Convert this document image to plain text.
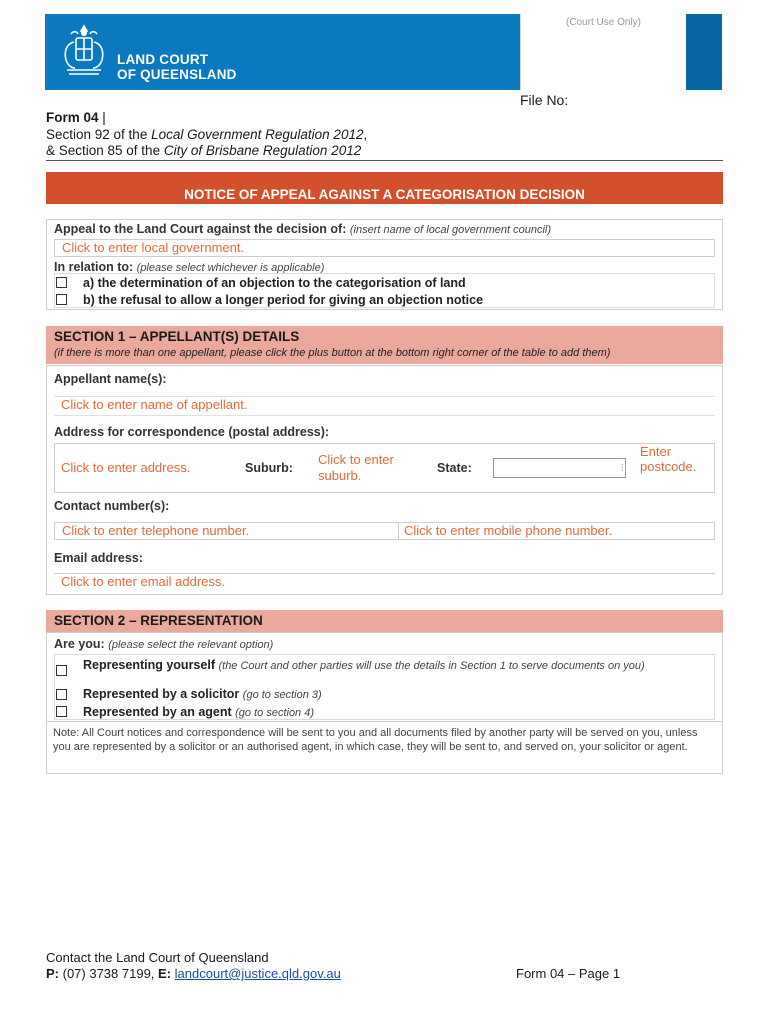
LAND COURT
OF QUEENSLAND
(Court Use Only)
File No:
Form 04 |
Section 92 of the Local Government Regulation 2012,
& Section 85 of the City of Brisbane Regulation 2012
NOTICE OF APPEAL AGAINST A CATEGORISATION DECISION
Appeal to the Land Court against the decision of: (insert name of local government council)
Click to enter local government.
In relation to: (please select whichever is applicable)
a) the determination of an objection to the categorisation of land
b) the refusal to allow a longer period for giving an objection notice
SECTION 1 – APPELLANT(S) DETAILS
(if there is more than one appellant, please click the plus button at the bottom right corner of the table to add them)
Appellant name(s):
Click to enter name of appellant.
Address for correspondence (postal address):
Click to enter address.	Suburb:
Click to enter suburb.	State:	⁝
Enter postcode.
Contact number(s):
Click to enter telephone number.	Click to enter mobile phone number.
Email address:
Click to enter email address.
SECTION 2 – REPRESENTATION
Are you: (please select the relevant option)
Representing yourself (the Court and other parties will use the details in Section 1 to serve documents on you)
Represented by a solicitor (go to section 3)
Represented by an agent (go to section 4)
Note: All Court notices and correspondence will be sent to you and all documents filed by another party will be served on you, unless you are represented by a solicitor or an authorised agent, in which case, they will be sent to, and served on, your solicitor or agent.
Contact the Land Court of Queensland
P: (07) 3738 7199, E: landcourt@justice.qld.gov.au	Form 04 – Page 1
